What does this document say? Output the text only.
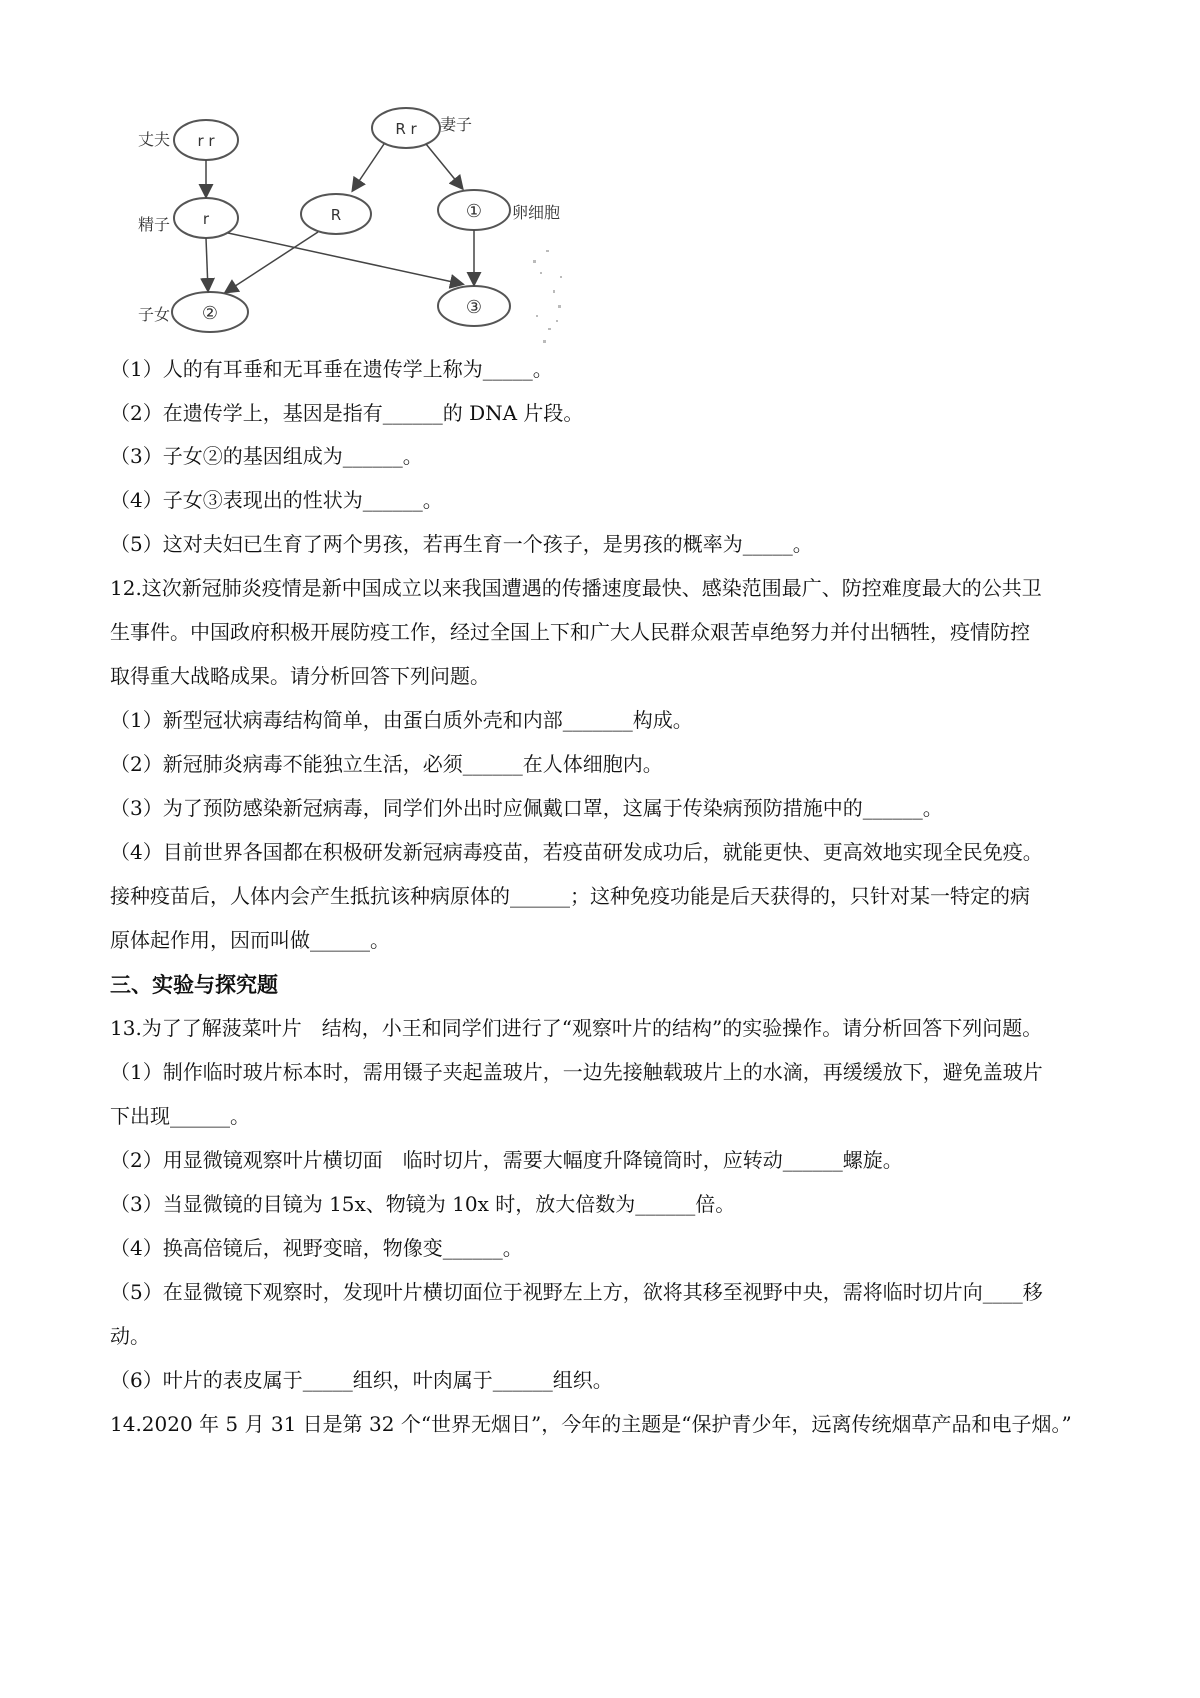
丈夫
妻子
精子
卵细胞
子女
r r
R r
r	R	①
②	③
（1）人的有耳垂和无耳垂在遗传学上称为_____。
（2）在遗传学上，基因是指有______的 DNA 片段。
（3）子女②的基因组成为______。
（4）子女③表现出的性状为______。
（5）这对夫妇已生育了两个男孩，若再生育一个孩子，是男孩的概率为_____。
12.这次新冠肺炎疫情是新中国成立以来我国遭遇的传播速度最快、感染范围最广、防控难度最大的公共卫
生事件。中国政府积极开展防疫工作，经过全国上下和广大人民群众艰苦卓绝努力并付出牺牲，疫情防控
取得重大战略成果。请分析回答下列问题。
（1）新型冠状病毒结构简单，由蛋白质外壳和内部_______构成。
（2）新冠肺炎病毒不能独立生活，必须______在人体细胞内。
（3）为了预防感染新冠病毒，同学们外出时应佩戴口罩，这属于传染病预防措施中的______。
（4）目前世界各国都在积极研发新冠病毒疫苗，若疫苗研发成功后，就能更快、更高效地实现全民免疫。
接种疫苗后，人体内会产生抵抗该种病原体的______；这种免疫功能是后天获得的，只针对某一特定的病
原体起作用，因而叫做______。
三、实验与探究题
13.为了了解菠菜叶片　结构，小王和同学们进行了“观察叶片的结构”的实验操作。请分析回答下列问题。
（1）制作临时玻片标本时，需用镊子夹起盖玻片，一边先接触载玻片上的水滴，再缓缓放下，避免盖玻片
下出现______。
（2）用显微镜观察叶片横切面　临时切片，需要大幅度升降镜筒时，应转动______螺旋。
（3）当显微镜的目镜为 15x、物镜为 10x 时，放大倍数为______倍。
（4）换高倍镜后，视野变暗，物像变______。
（5）在显微镜下观察时，发现叶片横切面位于视野左上方，欲将其移至视野中央，需将临时切片向____移
动。
（6）叶片的表皮属于_____组织，叶肉属于______组织。
14.2020 年 5 月 31 日是第 32 个“世界无烟日”，今年的主题是“保护青少年，远离传统烟草产品和电子烟。”
